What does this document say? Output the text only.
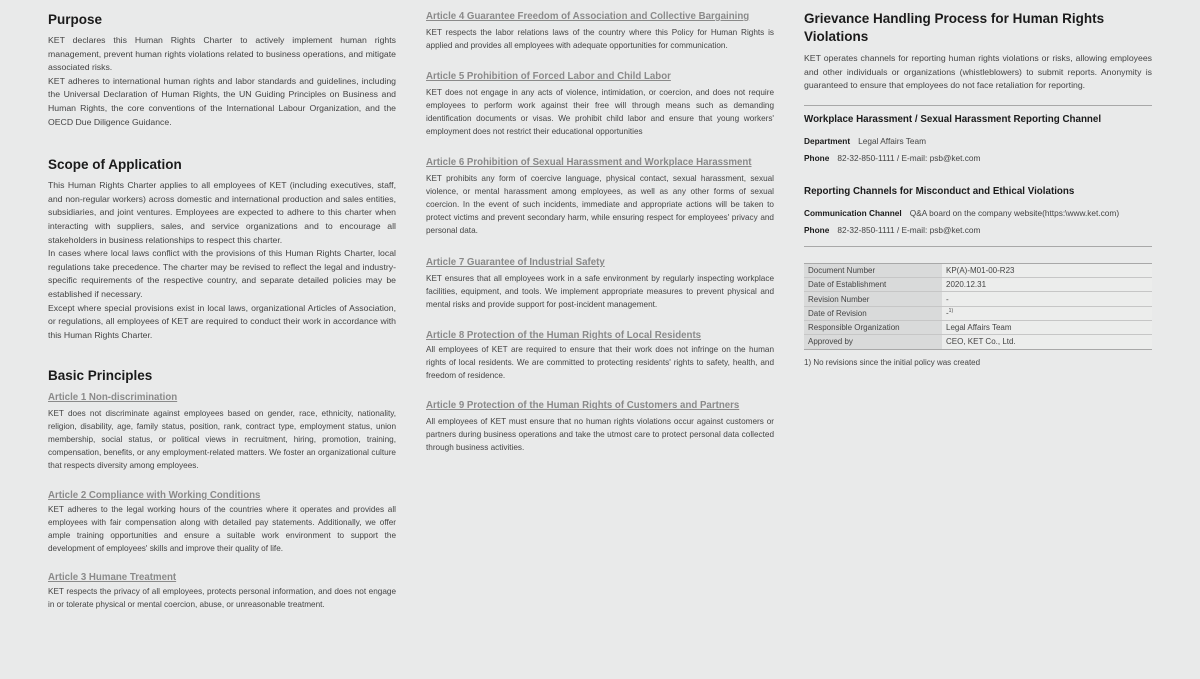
Purpose

KET declares this Human Rights Charter to actively implement human rights management, prevent human rights violations related to business operations, and mitigate associated risks.

KET adheres to international human rights and labor standards and guidelines, including the Universal Declaration of Human Rights, the UN Guiding Principles on Business and Human Rights, the core conventions of the International Labour Organization, and the OECD Due Diligence Guidance.

Scope of Application

This Human Rights Charter applies to all employees of KET (including executives, staff, and non-regular workers) across domestic and international production and sales entities, subsidiaries, and joint ventures. Employees are expected to adhere to this charter when interacting with suppliers, sales, and service organizations and to encourage all stakeholders in business relationships to respect this charter.

In cases where local laws conflict with the provisions of this Human Rights Charter, local regulations take precedence. The charter may be revised to reflect the legal and industry-specific requirements of the respective country, and separate detailed policies may be established if necessary.

Except where special provisions exist in local laws, organizational Articles of Association, or regulations, all employees of KET are required to conduct their work in accordance with this Human Rights Charter.

Basic Principles
Article 1 Non-discrimination

KET does not discriminate against employees based on gender, race, ethnicity, nationality, religion, disability, age, family status, position, rank, contract type, employment status, union membership, social status, or political views in recruitment, hiring, promotion, training, compensation, benefits, or any employment-related matters. We foster an organizational culture that respects diversity among employees.

Article 2 Compliance with Working Conditions

KET adheres to the legal working hours of the countries where it operates and provides all employees with fair compensation along with detailed pay statements. Additionally, we offer ample training opportunities and ensure a suitable work environment to support the development of employees' skills and improve their quality of life.

Article 3 Humane Treatment

KET respects the privacy of all employees, protects personal information, and does not engage in or tolerate physical or mental coercion, abuse, or unreasonable treatment.

Article 4 Guarantee Freedom of Association and Collective Bargaining

KET respects the labor relations laws of the country where this Policy for Human Rights is applied and provides all employees with adequate opportunities for communication.

Article 5 Prohibition of Forced Labor and Child Labor

KET does not engage in any acts of violence, intimidation, or coercion, and does not require employees to perform work against their free will through means such as demanding identification documents or visas. We prohibit child labor and ensure that young workers' employment does not restrict their educational opportunities

Article 6 Prohibition of Sexual Harassment and Workplace Harassment

KET prohibits any form of coercive language, physical contact, sexual harassment, sexual violence, or mental harassment among employees, as well as any other forms of sexual coercion. In the event of such incidents, immediate and appropriate actions will be taken to protect victims and prevent secondary harm, while ensuring respect for employees' privacy and personal data.

Article 7 Guarantee of Industrial Safety

KET ensures that all employees work in a safe environment by regularly inspecting workplace facilities, equipment, and tools. We implement appropriate measures to prevent physical and mental risks and provide support for post-incident management.

Article 8 Protection of the Human Rights of Local Residents

All employees of KET are required to ensure that their work does not infringe on the human rights of local residents. We are committed to protecting residents' rights to safety, health, and freedom of residence.

Article 9 Protection of the Human Rights of Customers and Partners

All employees of KET must ensure that no human rights violations occur against customers or partners during business operations and take the utmost care to protect personal data collected through business activities.

Grievance Handling Process for Human Rights Violations

KET operates channels for reporting human rights violations or risks, allowing employees and other individuals or organizations (whistleblowers) to submit reports. Anonymity is guaranteed to ensure that employees do not face retaliation for reporting.

Workplace Harassment / Sexual Harassment Reporting Channel
Department Legal Affairs Team
Phone 82-32-850-1111 / E-mail: psb@ket.com
Reporting Channels for Misconduct and Ethical Violations
Communication Channel Q&A board on the company website(https:\www.ket.com)
Phone 82-32-850-1111 / E-mail: psb@ket.com
Document Number	KP(A)-M01-00-R23
Date of Establishment	2020.12.31
Revision Number	-
Date of Revision	-$^{1)}$
Responsible Organization	Legal Affairs Team
Approved by	CEO, KET Co., Ltd.
1) No revisions since the initial policy was created
